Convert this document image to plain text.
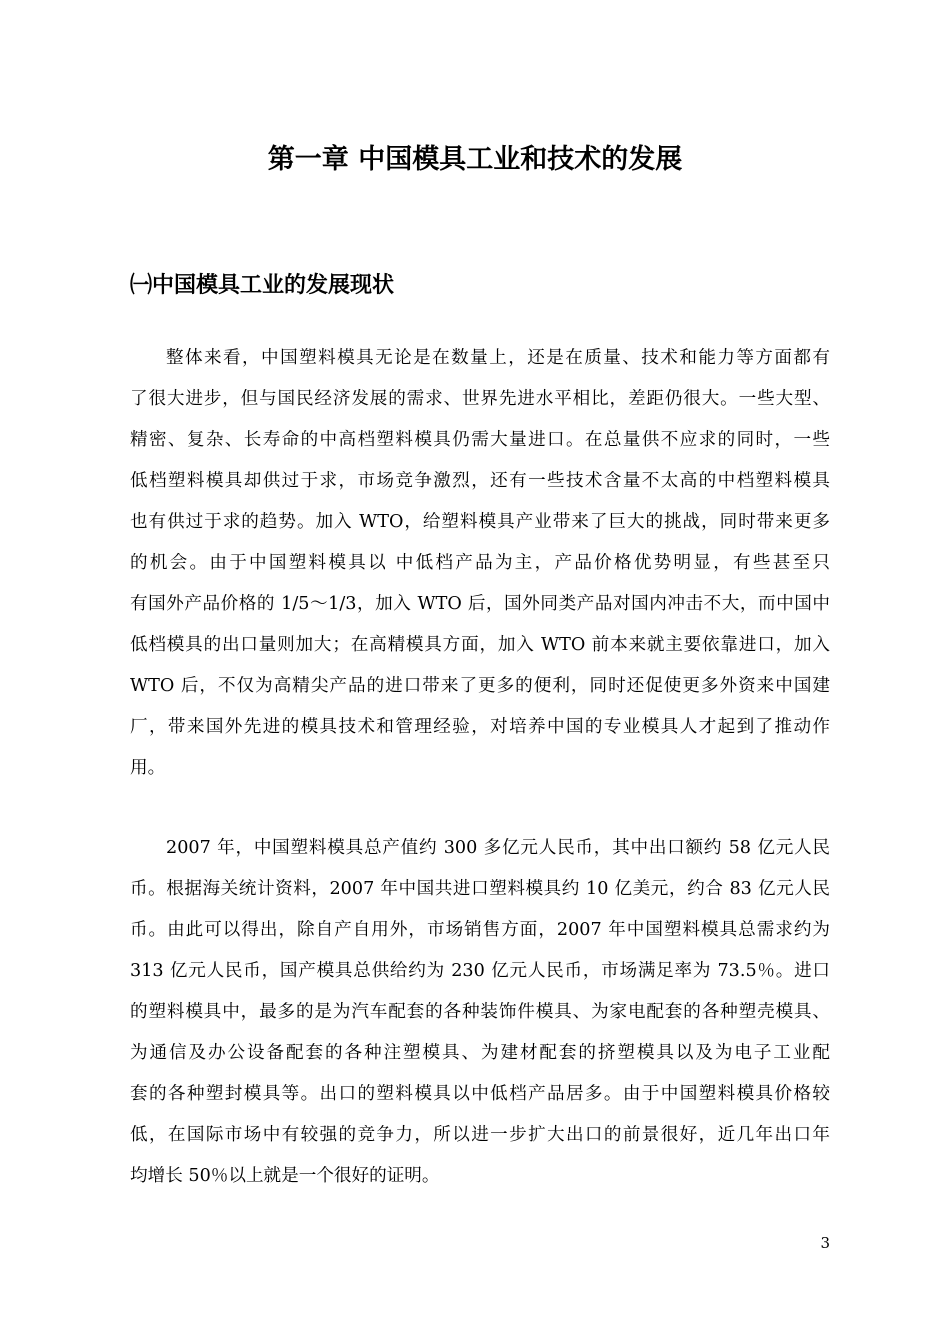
第一章 中国模具工业和技术的发展
㈠中国模具工业的发展现状
整体来看，中国塑料模具无论是在数量上，还是在质量、技术和能力等方面都有
了很大进步，但与国民经济发展的需求、世界先进水平相比，差距仍很大。一些大型、
精密、复杂、长寿命的中高档塑料模具仍需大量进口。在总量供不应求的同时，一些
低档塑料模具却供过于求，市场竞争激烈，还有一些技术含量不太高的中档塑料模具
也有供过于求的趋势。加入 WTO，给塑料模具产业带来了巨大的挑战，同时带来更多
的机会。由于中国塑料模具以 中低档产品为主，产品价格优势明显，有些甚至只
有国外产品价格的 1/5～1/3，加入 WTO 后，国外同类产品对国内冲击不大，而中国中
低档模具的出口量则加大；在高精模具方面，加入 WTO 前本来就主要依靠进口，加入
WTO 后，不仅为高精尖产品的进口带来了更多的便利，同时还促使更多外资来中国建
厂，带来国外先进的模具技术和管理经验，对培养中国的专业模具人才起到了推动作
用。
2007 年，中国塑料模具总产值约 300 多亿元人民币，其中出口额约 58 亿元人民
币。根据海关统计资料，2007 年中国共进口塑料模具约 10 亿美元，约合 83 亿元人民
币。由此可以得出，除自产自用外，市场销售方面，2007 年中国塑料模具总需求约为
313 亿元人民币，国产模具总供给约为 230 亿元人民币，市场满足率为 73.5％。进口
的塑料模具中，最多的是为汽车配套的各种装饰件模具、为家电配套的各种塑壳模具、
为通信及办公设备配套的各种注塑模具、为建材配套的挤塑模具以及为电子工业配
套的各种塑封模具等。出口的塑料模具以中低档产品居多。由于中国塑料模具价格较
低，在国际市场中有较强的竞争力，所以进一步扩大出口的前景很好，近几年出口年
均增长 50％以上就是一个很好的证明。
3
